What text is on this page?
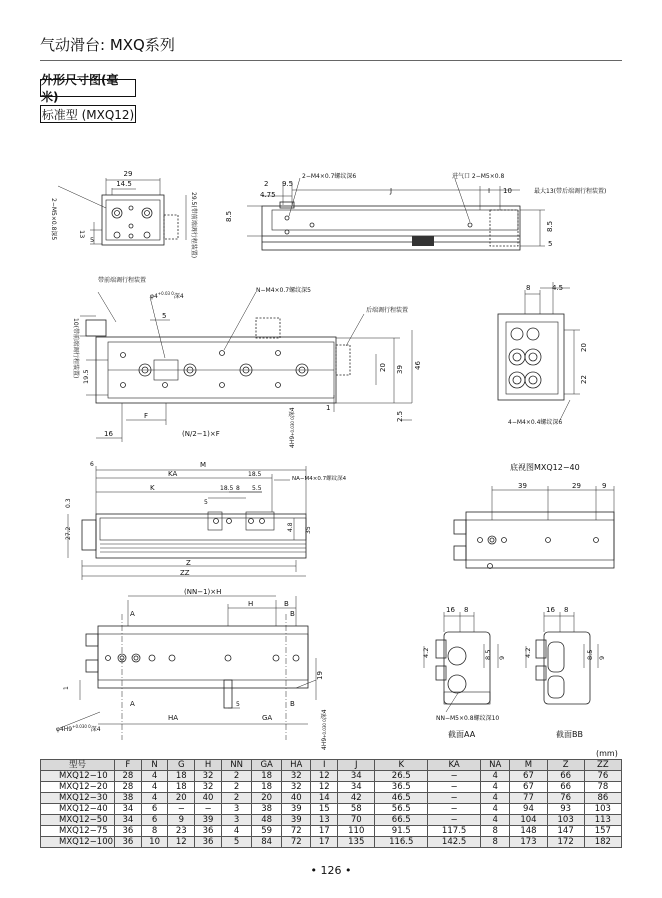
气动滑台: MXQ系列
外形尺寸图(毫米)
标准型 (MXQ12)
29
14.5
2−M5×0.8深5	13
5	29.5(带前端调行程装置)
2 9.5
4.75
2−M4×0.7螺纹深6	进气口 2−M5×0.8
J	I 10	最大13(带后端调行程装置)
8.5
8.5
5
带前端调行程装置
$\varphi 4^{+0.03 0}$深4
N−M4×0.7螺纹深5
后端调行程装置
10(带前端调行程装置) 19.5
5
20 39 46
1
2.5
F
16	(N/2−1)×F
4H9+0.030 0深4
8	4.5
20
22
4−M4×0.4螺纹深6
6	M
KA
K
18.5
18.5	5.5
8
5
NA−M4×0.7螺纹深4
0.3
27.2	4.8 35
Z
ZZ
底视图MXQ12−40
39	29	9
(NN−1)×H
H	B
A	B
A	B
HA	GA
5
19
1
$\varphi 4H9^{+0.030 0}$深4
4H9+0.030 0深4
16 8
4.2	8.5 9
NN−M5×0.8螺纹深10
截面AA
16 8
4.2	8.5 9
截面BB
(mm)
型号	F	N	G	H	NN	GA	HA	I	J	K	KA	NA	M	Z	ZZ
MXQ12−10	28	4	18	32	2	18	32	12	34	26.5	−	4	67	66	76
MXQ12−20	28	4	18	32	2	18	32	12	34	36.5	−	4	67	66	78
MXQ12−30	38	4	20	40	2	20	40	14	42	46.5	−	4	77	76	86
MXQ12−40	34	6	−	−	3	38	39	15	58	56.5	−	4	94	93	103
MXQ12−50	34	6	9	39	3	48	39	13	70	66.5	−	4	104	103	113
MXQ12−75	36	8	23	36	4	59	72	17	110	91.5	117.5	8	148	147	157
MXQ12−100	36	10	12	36	5	84	72	17	135	116.5	142.5	8	173	172	182
• 126 •
